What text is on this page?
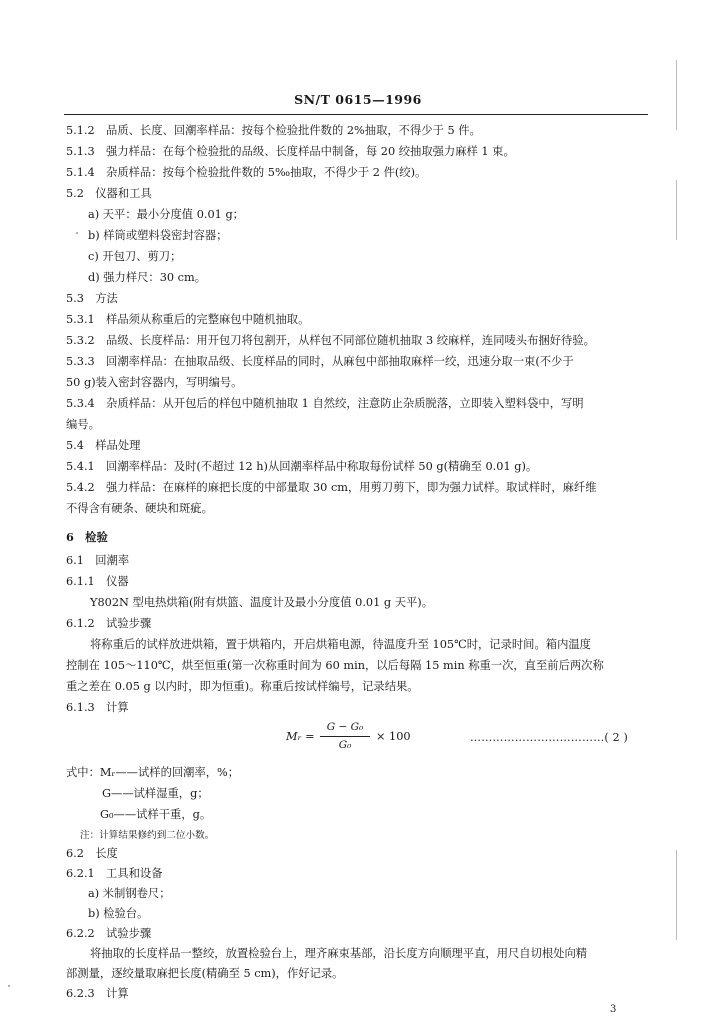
SN/T 0615—1996
5.1.2　品质、长度、回潮率样品：按每个检验批件数的 2%抽取，不得少于 5 件。
5.1.3　强力样品：在每个检验批的品级、长度样品中制备，每 20 绞抽取强力麻样 1 束。
5.1.4　杂质样品：按每个检验批件数的 5‰抽取，不得少于 2 件(绞)。
5.2　仪器和工具
a) 天平：最小分度值 0.01 g；
b) 样筒或塑料袋密封容器；
c) 开包刀、剪刀；
d) 强力样尺：30 cm。
5.3　方法
5.3.1　样品须从称重后的完整麻包中随机抽取。
5.3.2　品级、长度样品：用开包刀将包割开，从样包不同部位随机抽取 3 绞麻样，连同唛头布捆好待验。
5.3.3　回潮率样品：在抽取品级、长度样品的同时，从麻包中部抽取麻样一绞，迅速分取一束(不少于
50 g)装入密封容器内，写明编号。
5.3.4　杂质样品：从开包后的样包中随机抽取 1 自然绞，注意防止杂质脱落，立即装入塑料袋中，写明
编号。
5.4　样品处理
5.4.1　回潮率样品：及时(不超过 12 h)从回潮率样品中称取每份试样 50 g(精确至 0.01 g)。
5.4.2　强力样品：在麻样的麻把长度的中部量取 30 cm，用剪刀剪下，即为强力试样。取试样时，麻纤维
不得含有硬条、硬块和斑疵。
6　检验
6.1　回潮率
6.1.1　仪器
Y802N 型电热烘箱(附有烘篮、温度计及最小分度值 0.01 g 天平)。
6.1.2　试验步骤
将称重后的试样放进烘箱，置于烘箱内，开启烘箱电源，待温度升至 105℃时，记录时间。箱内温度
控制在 105～110℃，烘至恒重(第一次称重时间为 60 min，以后每隔 15 min 称重一次，直至前后两次称
重之差在 0.05 g 以内时，即为恒重)。称重后按试样编号，记录结果。
6.1.3　计算
Mᵣ =
G − G₀
G₀
× 100	………………………………( 2 )
式中：Mᵣ——试样的回潮率，%；
G——试样湿重，g；
G₀——试样干重，g。
注：计算结果修约到二位小数。
6.2　长度
6.2.1　工具和设备
a) 米制钢卷尺；
b) 检验台。
6.2.2　试验步骤
将抽取的长度样品一整绞，放置检验台上，理齐麻束基部，沿长度方向顺理平直，用尺自切根处向精
部测量，逐绞量取麻把长度(精确至 5 cm)，作好记录。
6.2.3　计算
3
